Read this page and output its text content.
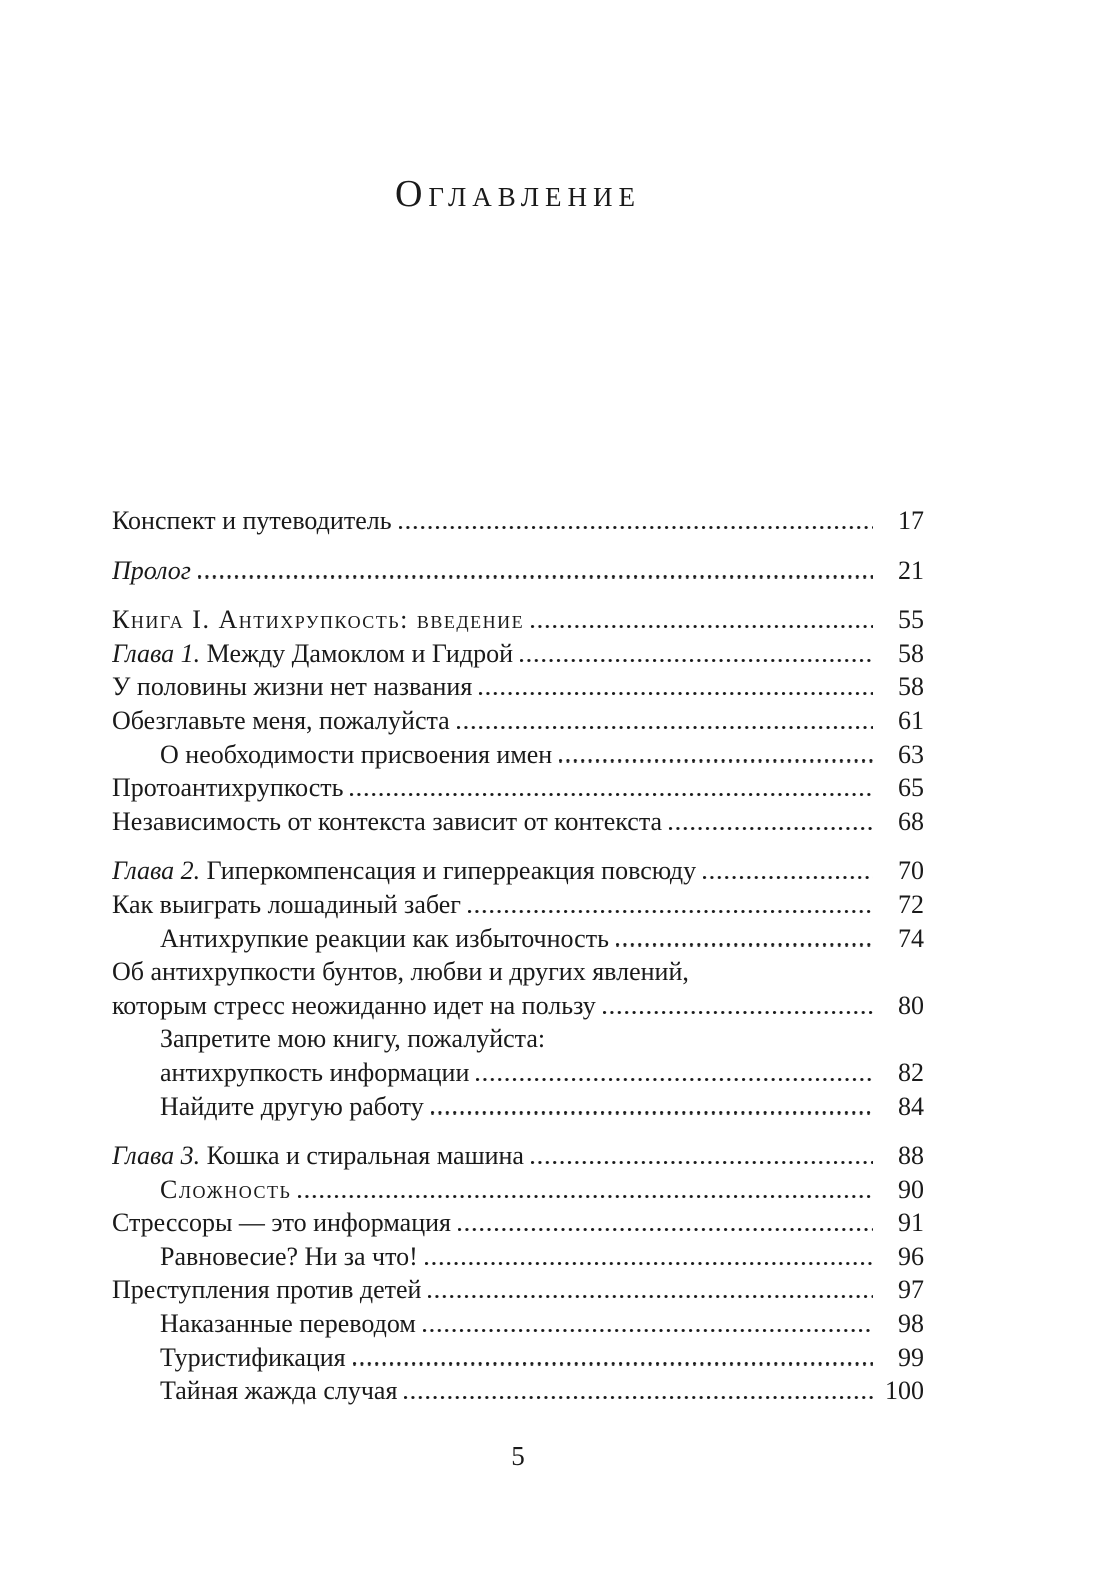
Оглавление
Конспект и путеводитель	17
Пролог	21
Книга I. Антихрупкость: введение	55
Глава 1. Между Дамоклом и Гидрой	58
У половины жизни нет названия	58
Обезглавьте меня, пожалуйста	61
О необходимости присвоения имен	63
Протоантихрупкость	65
Независимость от контекста зависит от контекста	68
Глава 2. Гиперкомпенсация и гиперреакция повсюду	70
Как выиграть лошадиный забег	72
Антихрупкие реакции как избыточность	74
Об антихрупкости бунтов, любви и других явлений,
которым стресс неожиданно идет на пользу	80
Запретите мою книгу, пожалуйста:
антихрупкость информации	82
Найдите другую работу	84
Глава 3. Кошка и стиральная машина	88
Сложность	90
Стрессоры — это информация	91
Равновесие? Ни за что!	96
Преступления против детей	97
Наказанные переводом	98
Туристификация	99
Тайная жажда случая	100
5
